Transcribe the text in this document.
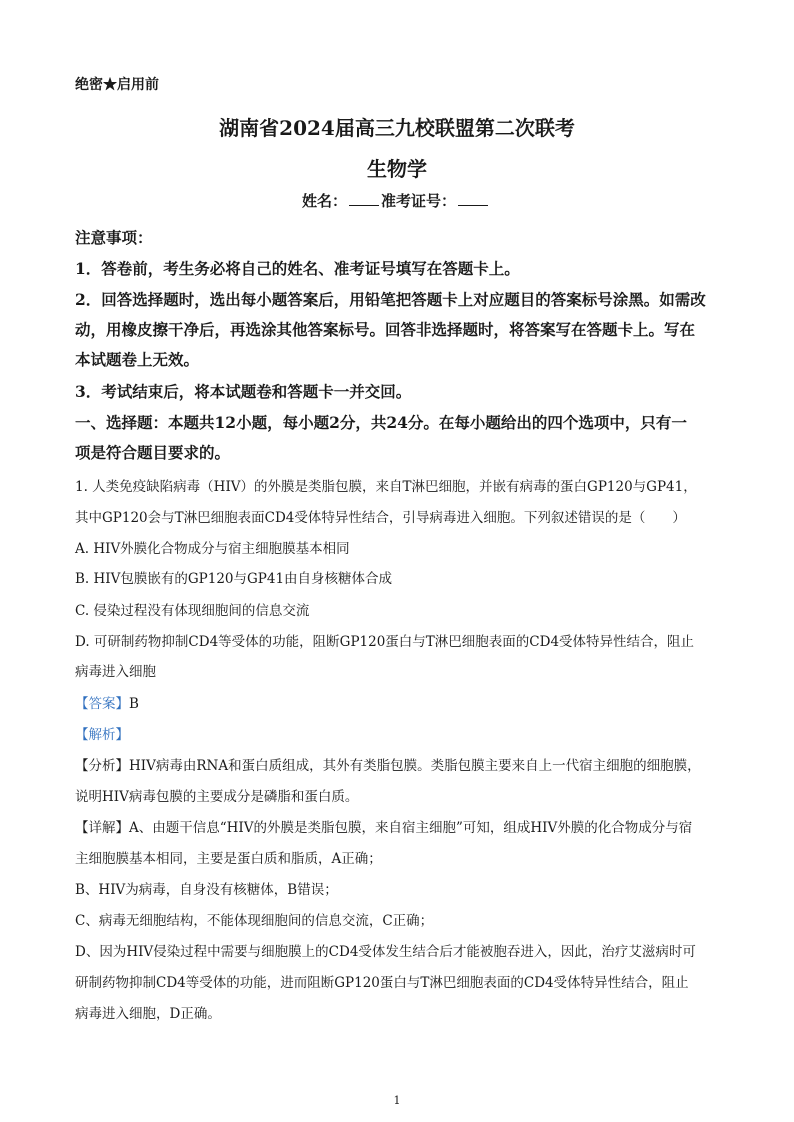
绝密★启用前
湖南省2024届高三九校联盟第二次联考
生物学
姓名： 准考证号：
注意事项：
1．答卷前，考生务必将自己的姓名、准考证号填写在答题卡上。
2．回答选择题时，选出每小题答案后，用铅笔把答题卡上对应题目的答案标号涂黑。如需改
动，用橡皮擦干净后，再选涂其他答案标号。回答非选择题时，将答案写在答题卡上。写在
本试题卷上无效。
3．考试结束后，将本试题卷和答题卡一并交回。
一、选择题：本题共12小题，每小题2分，共24分。在每小题给出的四个选项中，只有一
项是符合题目要求的。
1. 人类免疫缺陷病毒（HIV）的外膜是类脂包膜，来自T淋巴细胞，并嵌有病毒的蛋白GP120与GP41，
其中GP120会与T淋巴细胞表面CD4受体特异性结合，引导病毒进入细胞。下列叙述错误的是（　　）
A. HIV外膜化合物成分与宿主细胞膜基本相同
B. HIV包膜嵌有的GP120与GP41由自身核糖体合成
C. 侵染过程没有体现细胞间的信息交流
D. 可研制药物抑制CD4等受体的功能，阻断GP120蛋白与T淋巴细胞表面的CD4受体特异性结合，阻止
病毒进入细胞
【答案】B
【解析】
【分析】HIV病毒由RNA和蛋白质组成，其外有类脂包膜。类脂包膜主要来自上一代宿主细胞的细胞膜，
说明HIV病毒包膜的主要成分是磷脂和蛋白质。
【详解】A、由题干信息“HIV的外膜是类脂包膜，来自宿主细胞”可知，组成HIV外膜的化合物成分与宿
主细胞膜基本相同，主要是蛋白质和脂质，A正确；
B、HIV为病毒，自身没有核糖体，B错误；
C、病毒无细胞结构，不能体现细胞间的信息交流，C正确；
D、因为HIV侵染过程中需要与细胞膜上的CD4受体发生结合后才能被胞吞进入，因此，治疗艾滋病时可
研制药物抑制CD4等受体的功能，进而阻断GP120蛋白与T淋巴细胞表面的CD4受体特异性结合，阻止
病毒进入细胞，D正确。
1
